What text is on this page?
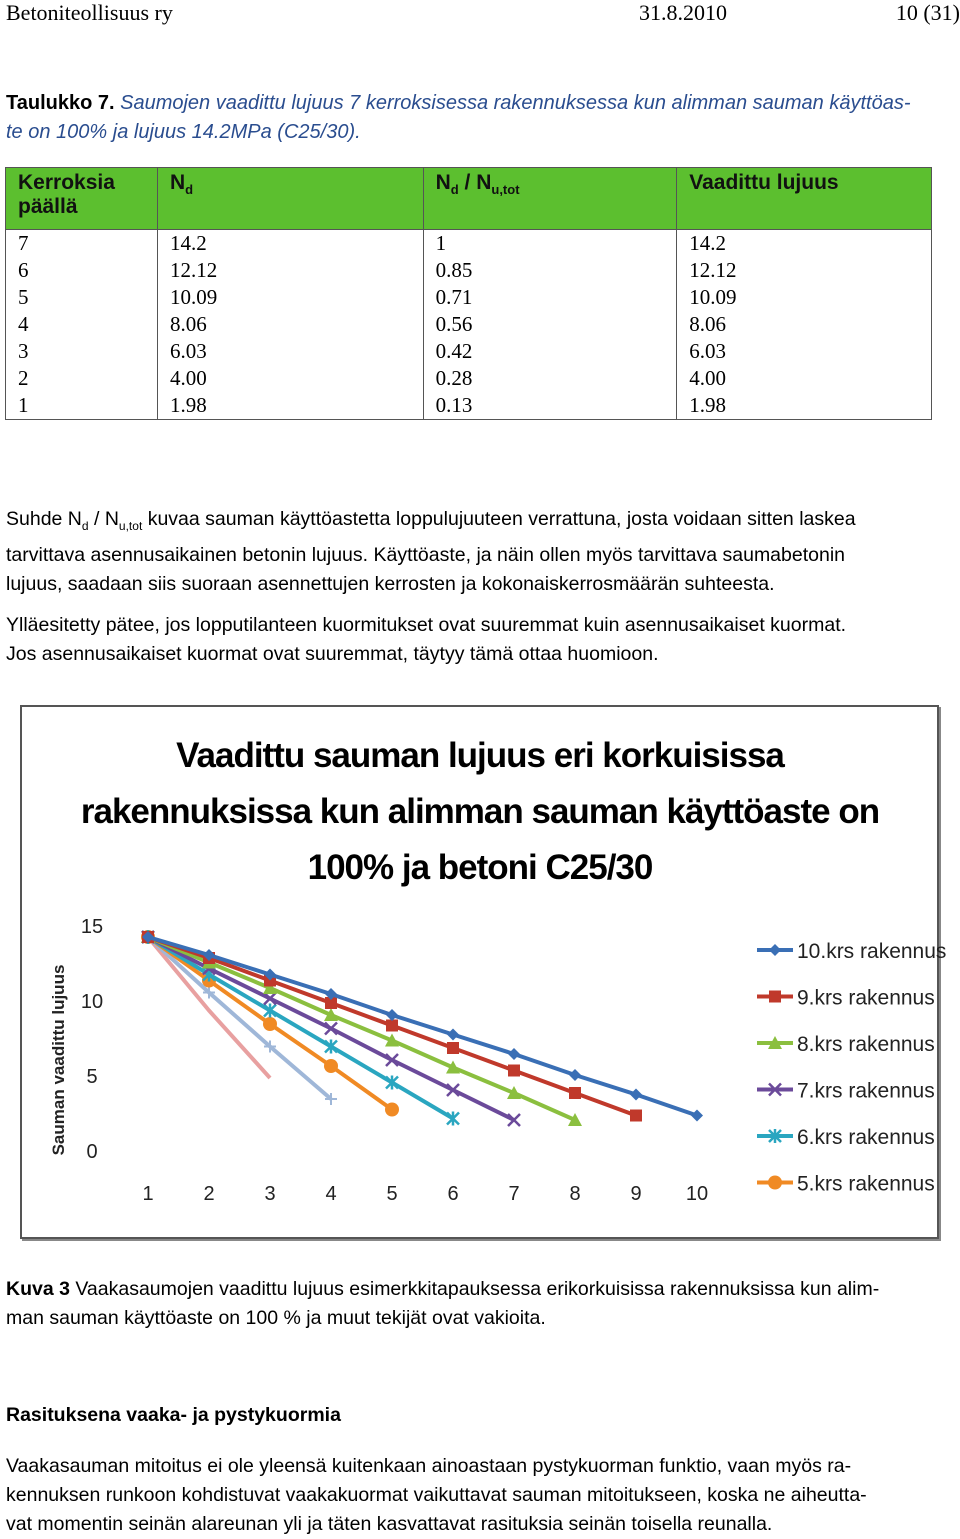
Betoniteollisuus ry	31.8.2010	10 (31)
Taulukko 7. Saumojen vaadittu lujuus 7 kerroksisessa rakennuksessa kun alimman sauman käyttöas-
te on 100% ja lujuus 14.2MPa (C25/30).
Kerroksia
päällä	$N_d$	$N_d / N_{u,tot}$	Vaadittu lujuus
7	14.2	1	14.2
6	12.12	0.85	12.12
5	10.09	0.71	10.09
4	8.06	0.56	8.06
3	6.03	0.42	6.03
2	4.00	0.28	4.00
1	1.98	0.13	1.98
Suhde $N_d / N_{u,tot}$ kuvaa sauman käyttöastetta loppulujuuteen verrattuna, josta voidaan sitten laskea
tarvittava asennusaikainen betonin lujuus. Käyttöaste, ja näin ollen myös tarvittava saumabetonin
lujuus, saadaan siis suoraan asennettujen kerrosten ja kokonaiskerrosmäärän suhteesta.
Ylläesitetty pätee, jos lopputilanteen kuormitukset ovat suuremmat kuin asennusaikaiset kuormat.
Jos asennusaikaiset kuormat ovat suuremmat, täytyy tämä ottaa huomioon.
Vaadittu sauman lujuus eri korkuisissa
rakennuksissa kun alimman sauman käyttöaste on
100% ja betoni C25/30
Sauman vaadittu lujuus
15
10
5
0
1 2 3 4 5 6 7 8 9 10
10.krs rakennus
9.krs rakennus
8.krs rakennus
7.krs rakennus
6.krs rakennus
5.krs rakennus
Kuva 3 Vaakasaumojen vaadittu lujuus esimerkkitapauksessa erikorkuisissa rakennuksissa kun alim-
man sauman käyttöaste on 100 % ja muut tekijät ovat vakioita.
Rasituksena vaaka- ja pystykuormia
Vaakasauman mitoitus ei ole yleensä kuitenkaan ainoastaan pystykuorman funktio, vaan myös ra-
kennuksen runkoon kohdistuvat vaakakuormat vaikuttavat sauman mitoitukseen, koska ne aiheutta-
vat momentin seinän alareunan yli ja täten kasvattavat rasituksia seinän toisella reunalla.
